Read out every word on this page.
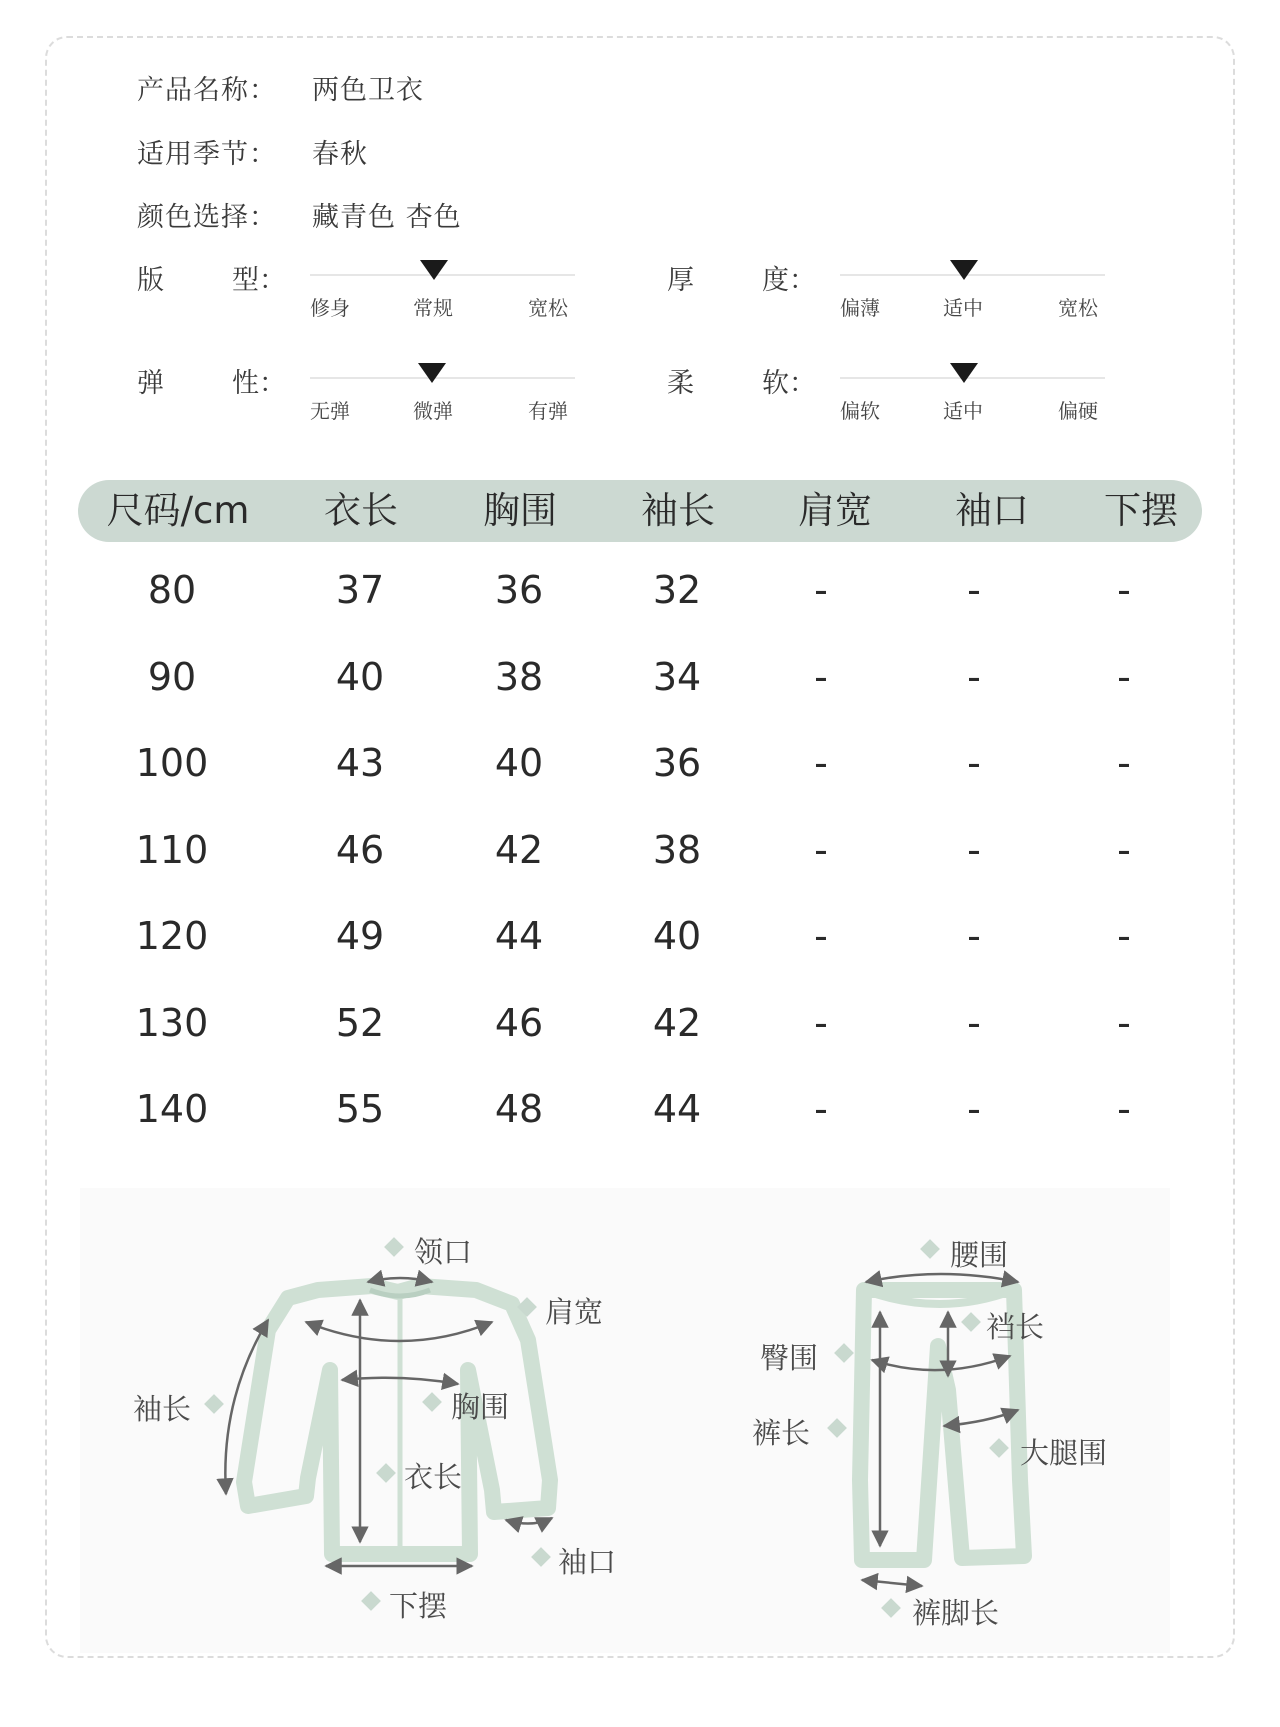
产品名称： 两色卫衣
适用季节： 春秋
颜色选择： 藏青色 杏色
版	型：
修身	常规	宽松
厚	度：
偏薄	适中	宽松
弹	性：
无弹	微弹	有弹
柔	软：
偏软	适中	偏硬
尺码/cm 衣长 胸围 袖长 肩宽 袖口 下摆
80	37	36	32	-	-	-
90	40	38	34	-	-	-
100	43	40	36	-	-	-
110	46	42	38	-	-	-
120	49	44	40	-	-	-
130	52	46	42	-	-	-
140	55	48	44	-	-	-
领口
肩宽
袖长	胸围
衣长
袖口
下摆
腰围
裆长
臀围
裤长
大腿围
裤脚长
